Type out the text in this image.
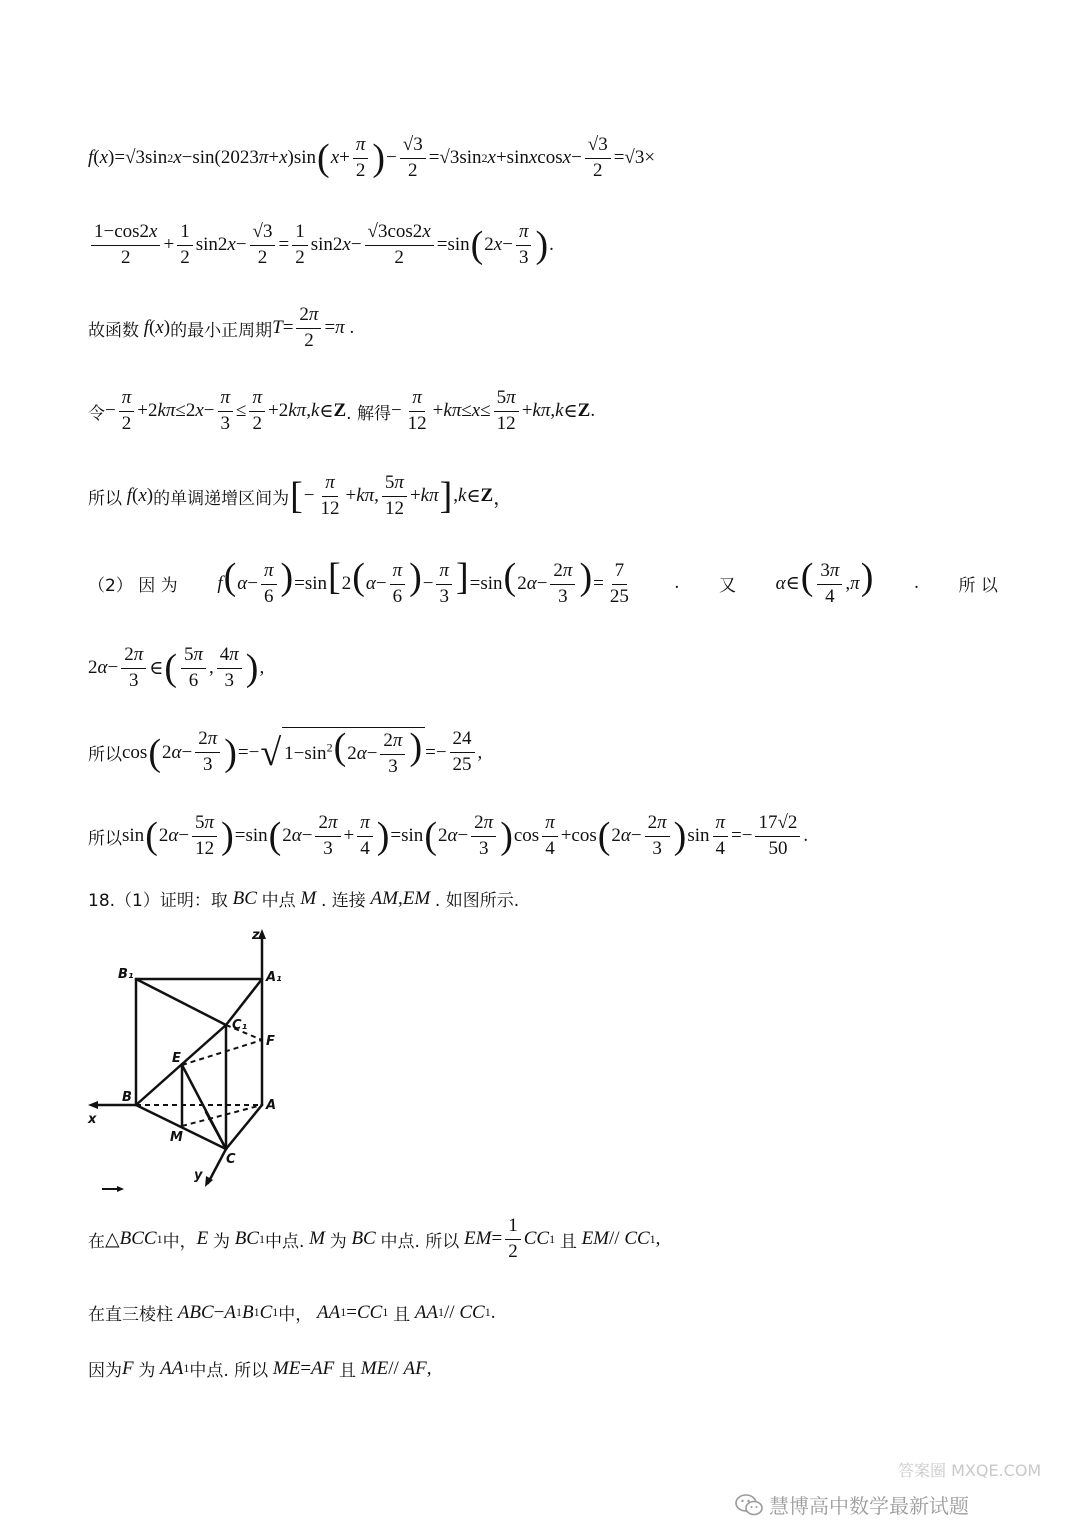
f ( x )=√3sin 2 x −sin(2023 π + x )sin ( $x + \frac{\pi}{2}$ ) − $\frac{√3}{2} =√3\sin$ 2 x +sin x $\cos x - \frac{√3}{2} =√3\times$
$\frac{1-\cos 2x}{2} + \frac{1}{2} \sin 2$ $x - \frac{√3}{2} = \frac{1}{2} \sin 2$ $x - \frac{√3\cos 2x}{2} =\sin$ ( 2 $x - \frac{\pi}{3}$ ) .
故函数
f ( x ) 的最小正周期 $T = \frac{2\pi}{2} = \pi$
.
令 − $\frac{\pi}{2} +2$ kπ ≤2 $x - \frac{\pi}{3} \le \frac{\pi}{2} +2$ kπ , k ∈ Z . 解得 − $\frac{\pi}{12} + k\pi \le x \le \frac{5\pi}{12} + k\pi$ , k ∈ Z .
所以
f ( x ) 的单调递增区间为 [ − $\frac{\pi}{12} + k\pi$ , $\frac{5\pi}{12} + k\pi$ ] , k ∈ Z ，
（2） 因 为 $f(\alpha- \frac{\pi}{6} )=\sin[2(\alpha- \frac{\pi}{6}$ )− $\frac{\pi}{3} ]=\sin(2\alpha- \frac{2\pi}{3}$ )= $\frac{7}{25}$ . 又 α∈( $\frac{3\pi}{4} ,\pi$) . 所 以
2 $\alpha - \frac{2\pi}{3}$ ∈ ( $\frac{5\pi}{6}$ , $\frac{4\pi}{3}$ ) ,
所以 cos ( 2 $\alpha - \frac{2\pi}{3}$ ) =− √ $1-\sin^2(2\alpha- \frac{2\pi}{3}$ ) =− $\frac{24}{25}$ ,
所以 sin ( 2 $\alpha - \frac{5\pi}{12}$ ) =sin ( 2 $\alpha - \frac{2\pi}{3} + \frac{\pi}{4}$ ) =sin ( 2 $\alpha - \frac{2\pi}{3}$ ) $\cos \frac{\pi}{4} +\cos$ ( 2 $\alpha - \frac{2\pi}{3}$ ) $\sin \frac{\pi}{4} =- \frac{17√2}{50}$ .
18.（1）证明：取
BC
中点
M
. 连接
AM , EM
. 如图所示.
z
B₁	A₁
C₁
E
F
B
A
x
M
C
y
在 △ BCC 1 中， E
为
BC 1 中点.
M
为
BC
中点. 所以
EM = $\frac{1}{2}$ CC 1
且
EM // CC 1 ,
在直三棱柱
ABC − A 1 B 1 C 1 中，
AA 1 = CC 1
且
AA 1 // CC 1 .
因为 F
为
AA 1 中点. 所以
ME = AF
且
ME // AF ,
答案圈 MXQE.COM
慧博高中数学最新试题
